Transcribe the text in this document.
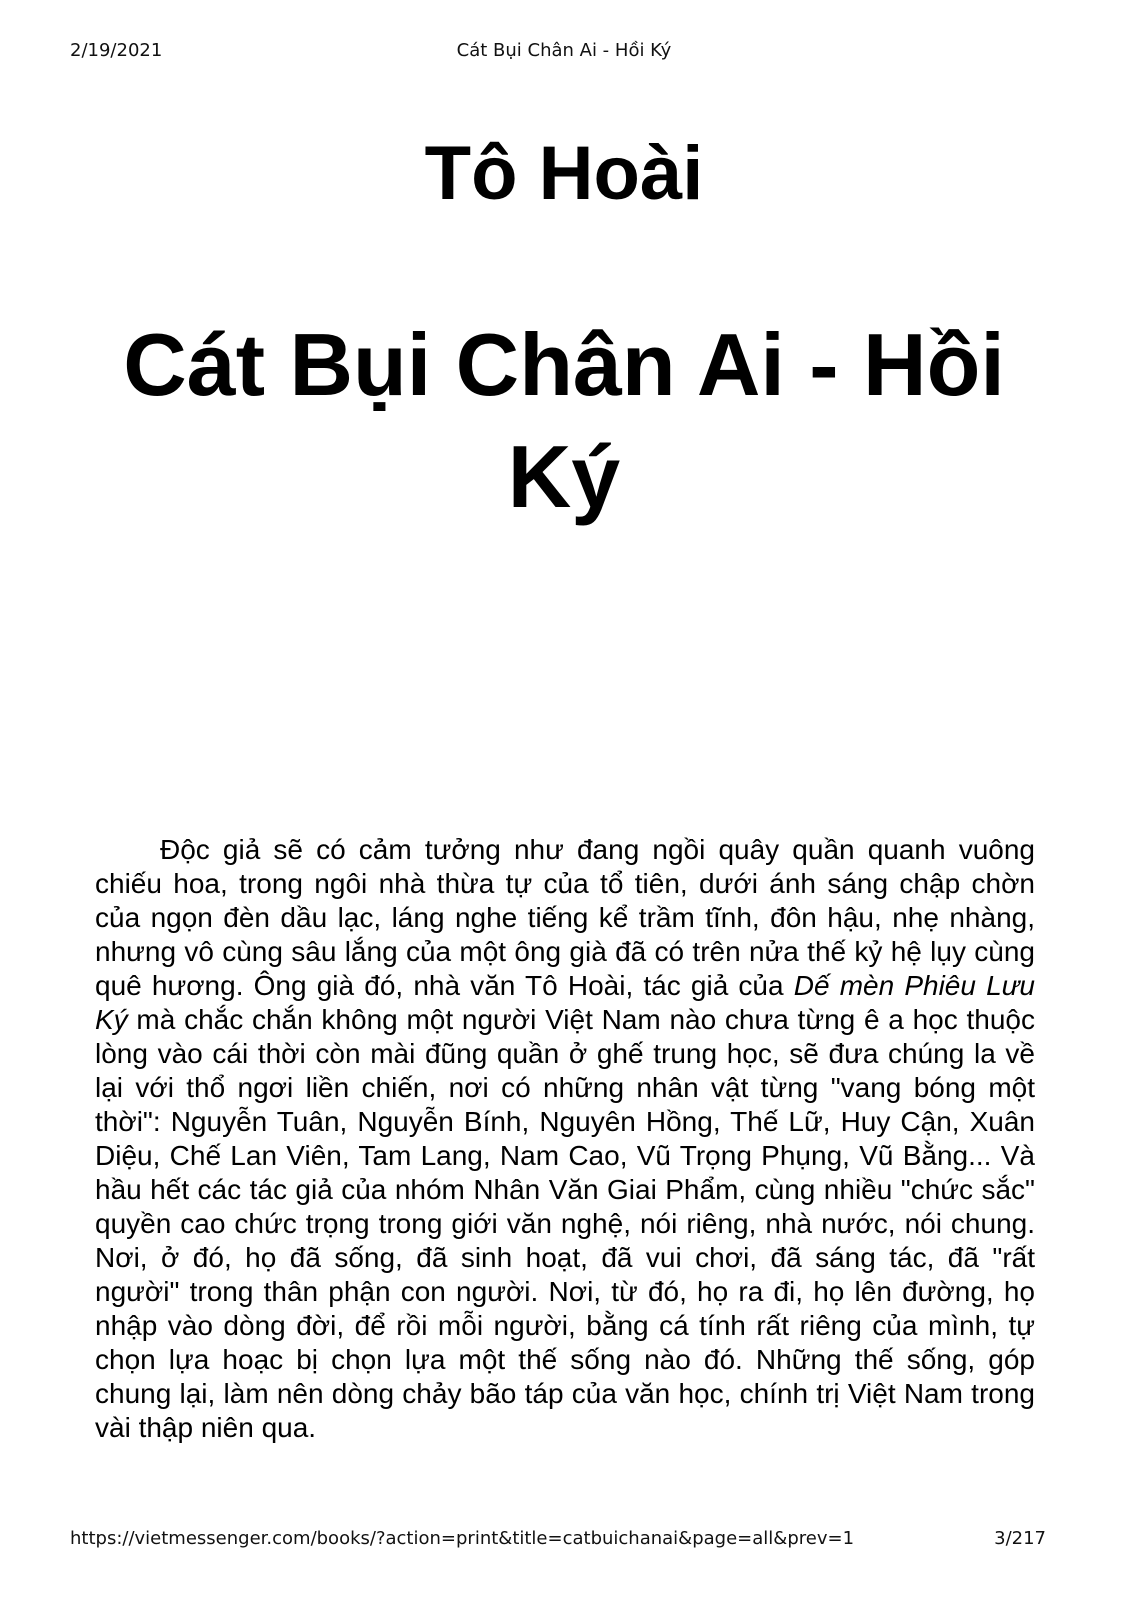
2/19/2021	Cát Bụi Chân Ai - Hồi Ký
Tô Hoài
Cát Bụi Chân Ai - Hồi Ký

Độc giả sẽ có cảm tưởng như đang ngồi quây quần quanh vuông chiếu hoa, trong ngôi nhà thừa tự của tổ tiên, dưới ánh sáng chập chờn của ngọn đèn dầu lạc, láng nghe tiếng kể trầm tĩnh, đôn hậu, nhẹ nhàng, nhưng vô cùng sâu lắng của một ông già đã có trên nửa thế kỷ hệ lụy cùng quê hương. Ông già đó, nhà văn Tô Hoài, tác giả của Dế mèn Phiêu Lưu Ký mà chắc chắn không một người Việt Nam nào chưa từng ê a học thuộc lòng vào cái thời còn mài đũng quần ở ghế trung học, sẽ đưa chúng la về lại với thổ ngơi liền chiến, nơi có những nhân vật từng "vang bóng một thời": Nguyễn Tuân, Nguyễn Bính, Nguyên Hồng, Thế Lữ, Huy Cận, Xuân Diệu, Chế Lan Viên, Tam Lang, Nam Cao, Vũ Trọng Phụng, Vũ Bằng... Và hầu hết các tác giả của nhóm Nhân Văn Giai Phẩm, cùng nhiều "chức sắc" quyền cao chức trọng trong giới văn nghệ, nói riêng, nhà nước, nói chung. Nơi, ở đó, họ đã sống, đã sinh hoạt, đã vui chơi, đã sáng tác, đã "rất người" trong thân phận con người. Nơi, từ đó, họ ra đi, họ lên đường, họ nhập vào dòng đời, để rồi mỗi người, bằng cá tính rất riêng của mình, tự chọn lựa hoạc bị chọn lựa một thế sống nào đó. Những thế sống, góp chung lại, làm nên dòng chảy bão táp của văn học, chính trị Việt Nam trong vài thập niên qua.

https://vietmessenger.com/books/?action=print&title=catbuichanai&page=all&prev=1	3/217
